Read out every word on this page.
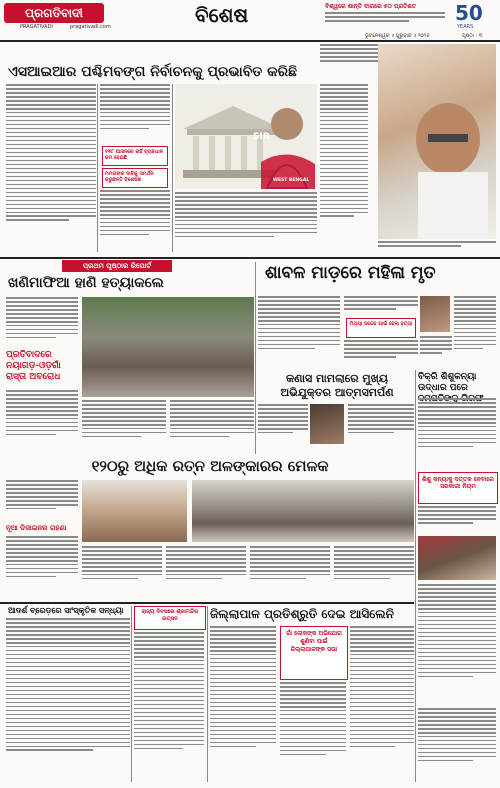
ପ୍ରଗତିବାଦୀ
PRAGATIVADI	pragativadi.com	ବିଶେଷ	ବିଶ୍ୱରେ ଶାନ୍ତି ଦାଗରେ ୫୦ ପ୍ରତିଶତ
ଭୁବନେଶ୍ୱର ॥ ଗୁରୁବାର ॥ ୨୦୨୬	ପୃଷ୍ଠା : ୩
50
YEARS
ଏସଆଇଆର ପଶ୍ଚିମବଙ୍ଗ ନିର୍ବାଚନକୁ ପ୍ରଭାବିତ କରିଛି
୧୩୮ ଆସନରେ ଚାହିଁ ବ୍ୟବଧାନ କମ ହେଇଛି
ମମତାଙ୍କ ଦାବିକୁ ସମର୍ଥନ କରୁଛନ୍ତି ବିଶେଷଜ୍ଞ
SIR
WEST BENGAL
ପ୍ରଥମ ପୃଷ୍ଠାର ରିପୋର୍ଟ
ଖଣିମାଫିଆ ହାଣି ହତ୍ୟାକଲେ
ପ୍ରତିବାଦରେ ନୟାଗଡ଼-ଓଡ଼ଗାଁ ରାସ୍ତା ଅବରୋଧ
ଶାବଳ ମାଡ଼ରେ ମହିଳା ମୃତ
ମିଥ୍ୟା ସନ୍ଦେହ ପାଇଁ ହେଲା ହତ୍ୟା
କଣାସ ମାମଲାରେ ମୁଖ୍ୟ ଅଭିଯୁକ୍ତର ଆତ୍ମସମର୍ପଣ
ବିକ୍ରି ଶିଶୁକନ୍ୟା ଉଦ୍ଧାର ପରେ
ଶିଶୁ କନ୍ୟାକୁ ଦତ୍ତକ ନେବାରେ ସରକାରୀ ନିୟମ
୧୨୦ରୁ ଅଧିକ ରତ୍ନ ଅଳଙ୍କାରର ମେଳକ
ନୂଆ ଡିଜାଇନର ଗହଣା
ଆଦର୍ଶ ବ୍ରେଡ଼ରେ ସାଂସ୍କୃତିକ ସନ୍ଧ୍ୟା	ରାଜ୍ୟ ଦିବସରେ ଶ୍ରୀମନ୍ଦିର ଉତ୍ସବ	ଜିଲ୍ଲାପାଳ ପ୍ରତିଶ୍ରୁତି ଦେଇ ଆସିଲେନି
ଗାଁ ଲୋକଙ୍କ ଅଭିଯୋଗ ଶୁଣିବା ପାଇଁ ଜିଲ୍ଲାପାଳଙ୍କ ସଭା
